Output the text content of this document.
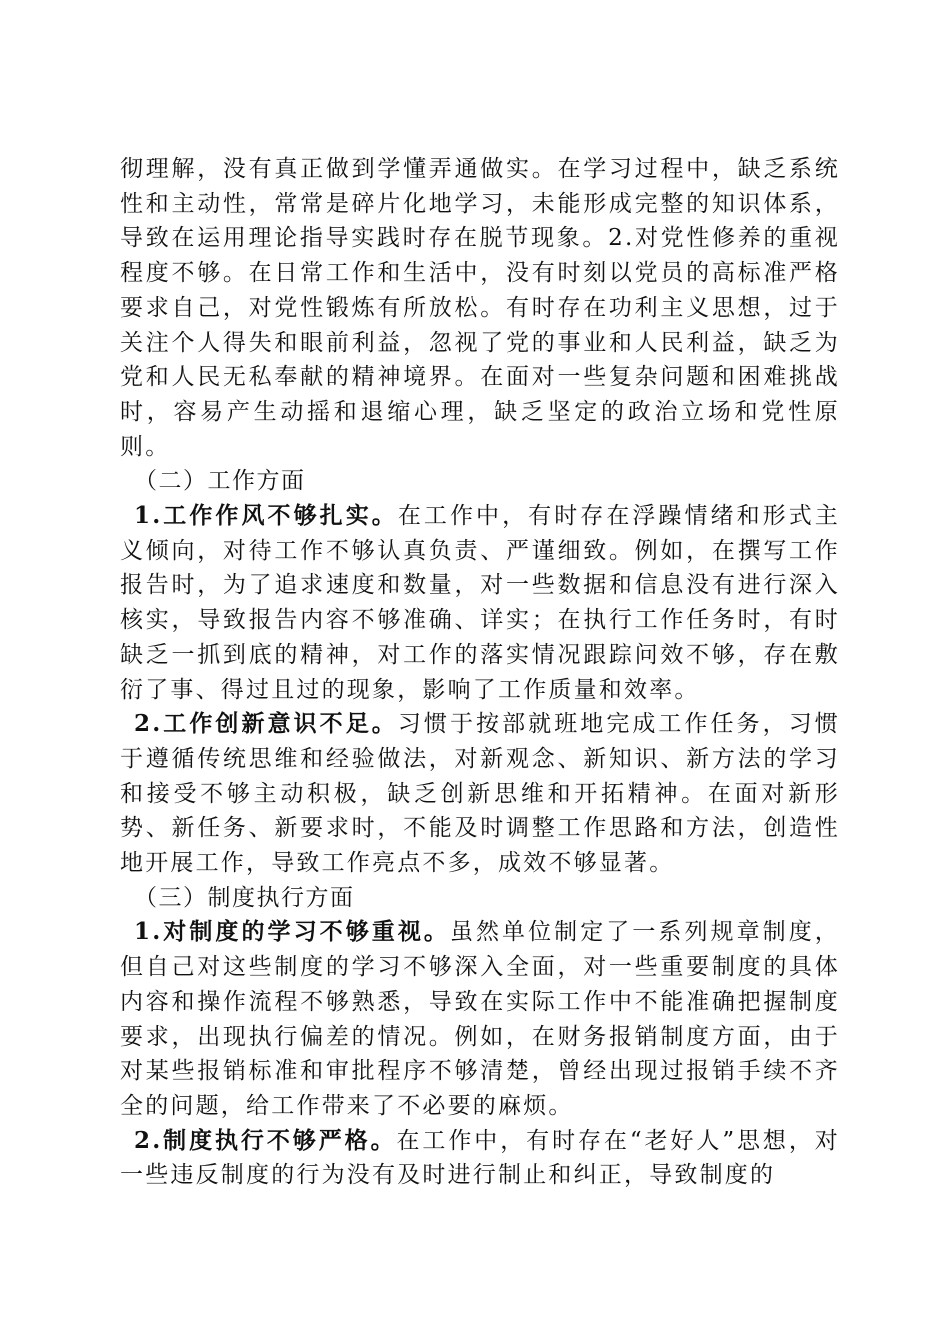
彻理解，没有真正做到学懂弄通做实。在学习过程中，缺乏系统性和主动性，常常是碎片化地学习，未能形成完整的知识体系，导致在运用理论指导实践时存在脱节现象。2.对党性修养的重视程度不够。在日常工作和生活中，没有时刻以党员的高标准严格要求自己，对党性锻炼有所放松。有时存在功利主义思想，过于关注个人得失和眼前利益，忽视了党的事业和人民利益，缺乏为党和人民无私奉献的精神境界。在面对一些复杂问题和困难挑战时，容易产生动摇和退缩心理，缺乏坚定的政治立场和党性原则。

（二）工作方面

1.工作作风不够扎实。在工作中，有时存在浮躁情绪和形式主义倾向，对待工作不够认真负责、严谨细致。例如，在撰写工作报告时，为了追求速度和数量，对一些数据和信息没有进行深入核实，导致报告内容不够准确、详实；在执行工作任务时，有时缺乏一抓到底的精神，对工作的落实情况跟踪问效不够，存在敷衍了事、得过且过的现象，影响了工作质量和效率。

2.工作创新意识不足。习惯于按部就班地完成工作任务，习惯于遵循传统思维和经验做法，对新观念、新知识、新方法的学习和接受不够主动积极，缺乏创新思维和开拓精神。在面对新形势、新任务、新要求时，不能及时调整工作思路和方法，创造性地开展工作，导致工作亮点不多，成效不够显著。

（三）制度执行方面

1.对制度的学习不够重视。虽然单位制定了一系列规章制度，但自己对这些制度的学习不够深入全面，对一些重要制度的具体内容和操作流程不够熟悉，导致在实际工作中不能准确把握制度要求，出现执行偏差的情况。例如，在财务报销制度方面，由于对某些报销标准和审批程序不够清楚，曾经出现过报销手续不齐全的问题，给工作带来了不必要的麻烦。

2.制度执行不够严格。在工作中，有时存在“老好人”思想，对一些违反制度的行为没有及时进行制止和纠正，导致制度的
